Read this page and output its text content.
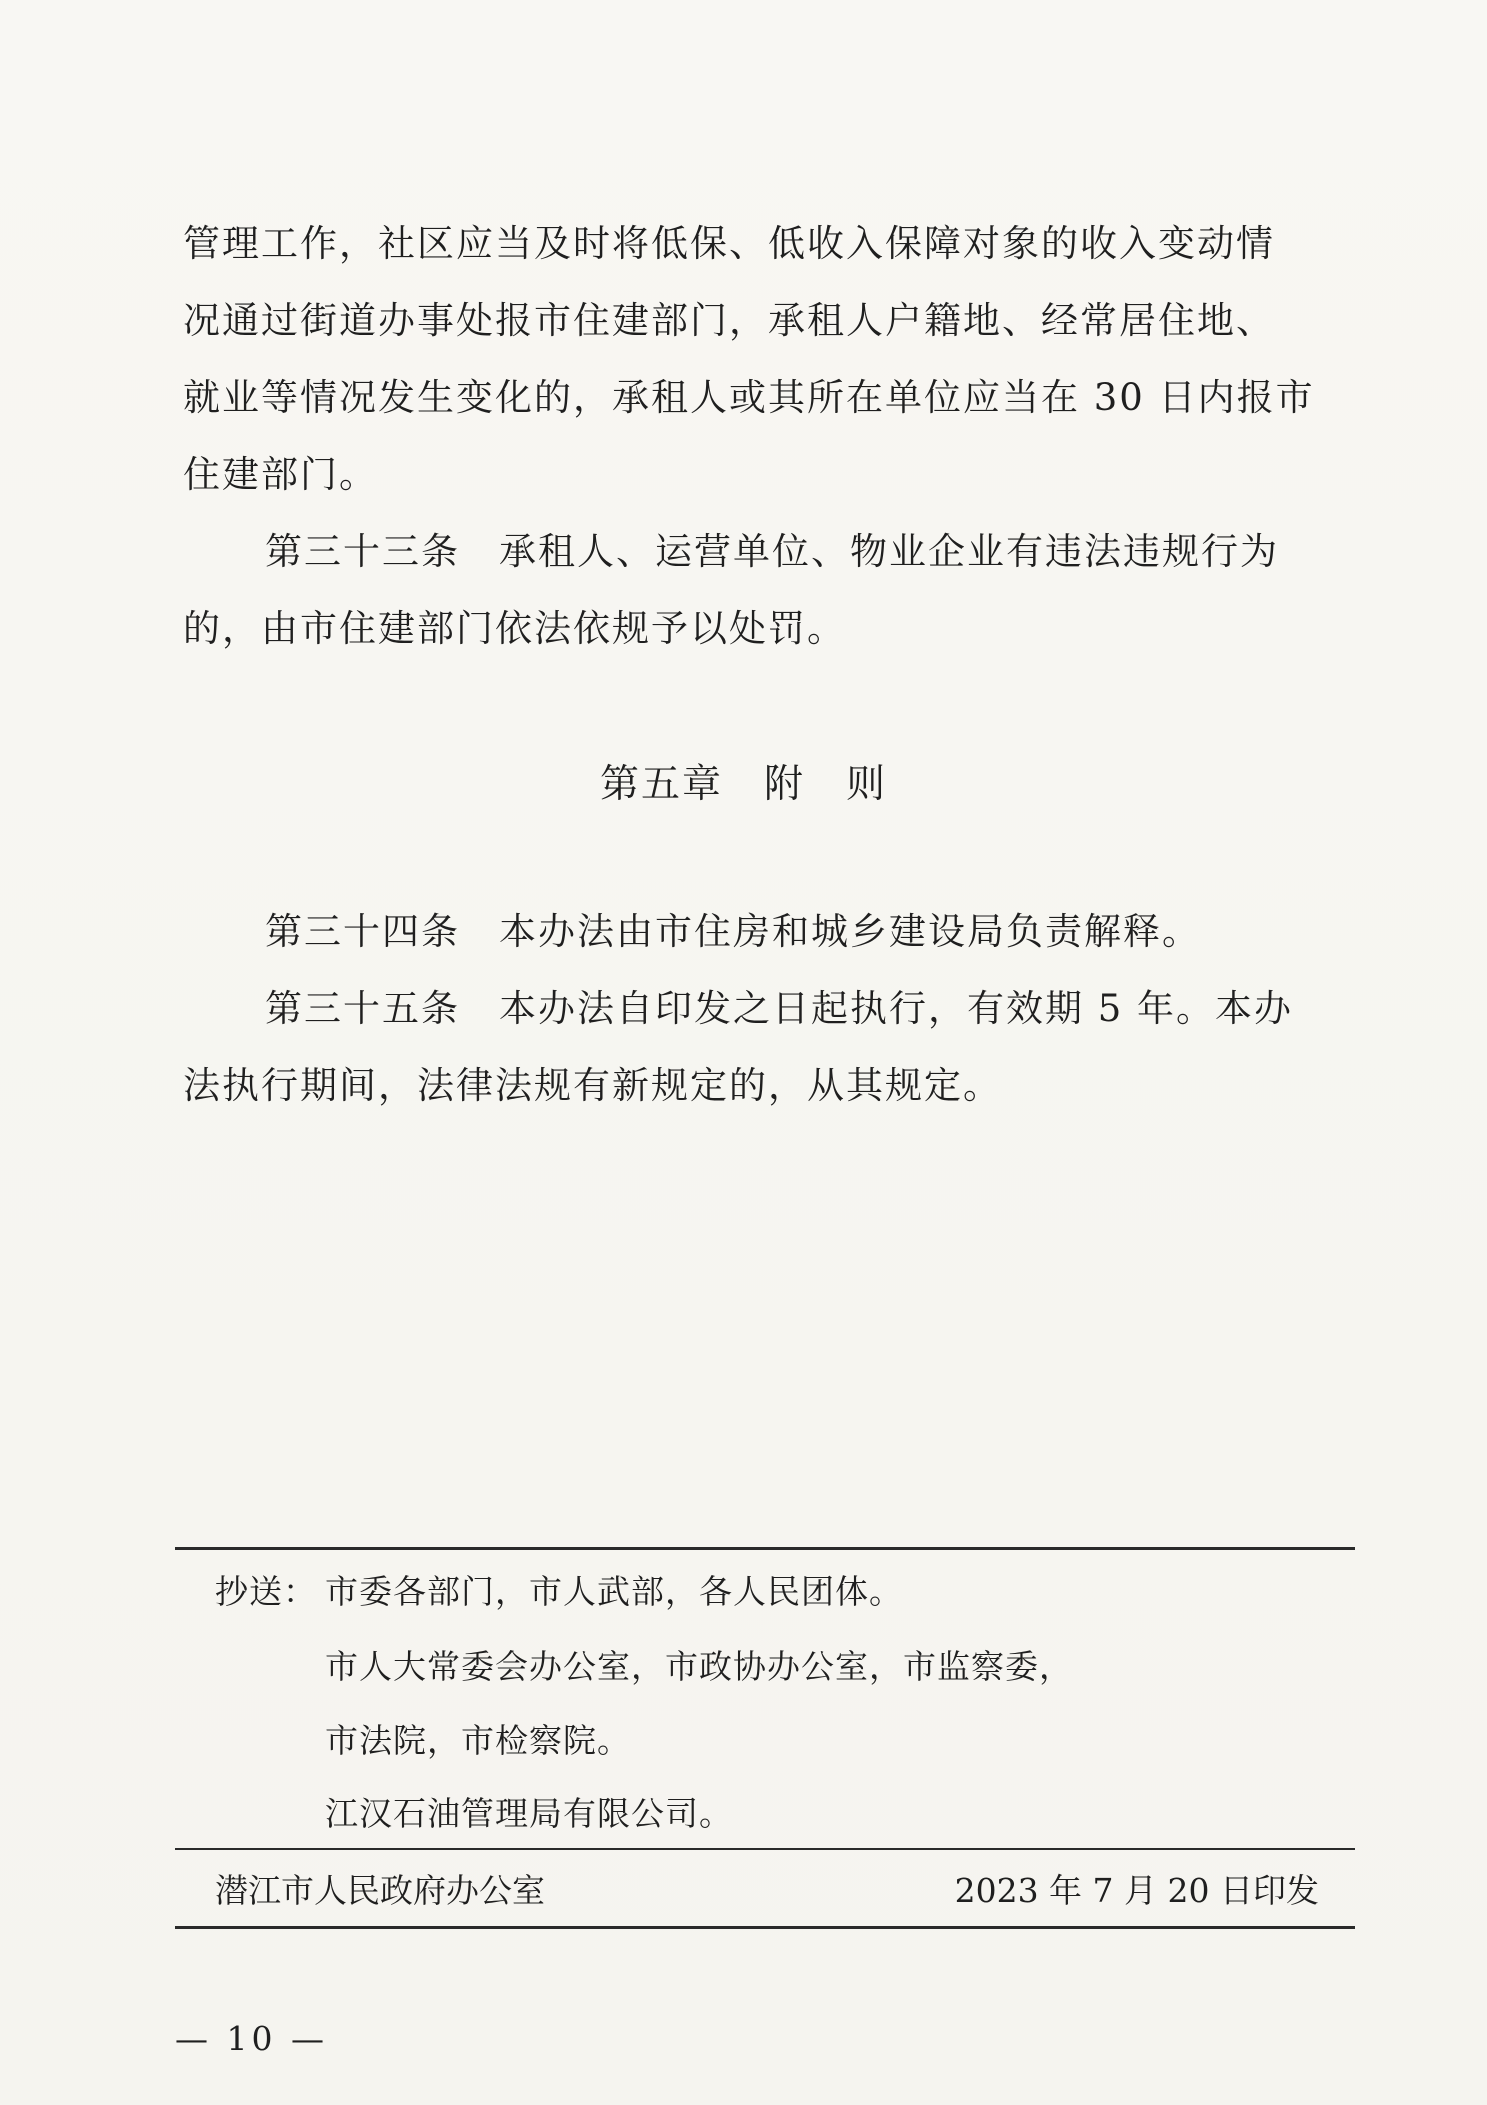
管理工作，社区应当及时将低保、低收入保障对象的收入变动情
况通过街道办事处报市住建部门，承租人户籍地、经常居住地、
就业等情况发生变化的，承租人或其所在单位应当在 30 日内报市
住建部门。
第三十三条　承租人、运营单位、物业企业有违法违规行为
的，由市住建部门依法依规予以处罚。
第五章　附　则
第三十四条　本办法由市住房和城乡建设局负责解释。
第三十五条　本办法自印发之日起执行，有效期 5 年。本办
法执行期间，法律法规有新规定的，从其规定。
抄送： 市委各部门，市人武部，各人民团体。
市人大常委会办公室，市政协办公室，市监察委，
市法院，市检察院。
江汉石油管理局有限公司。
潜江市人民政府办公室	2023 年 7 月 20 日印发
— 10 —
